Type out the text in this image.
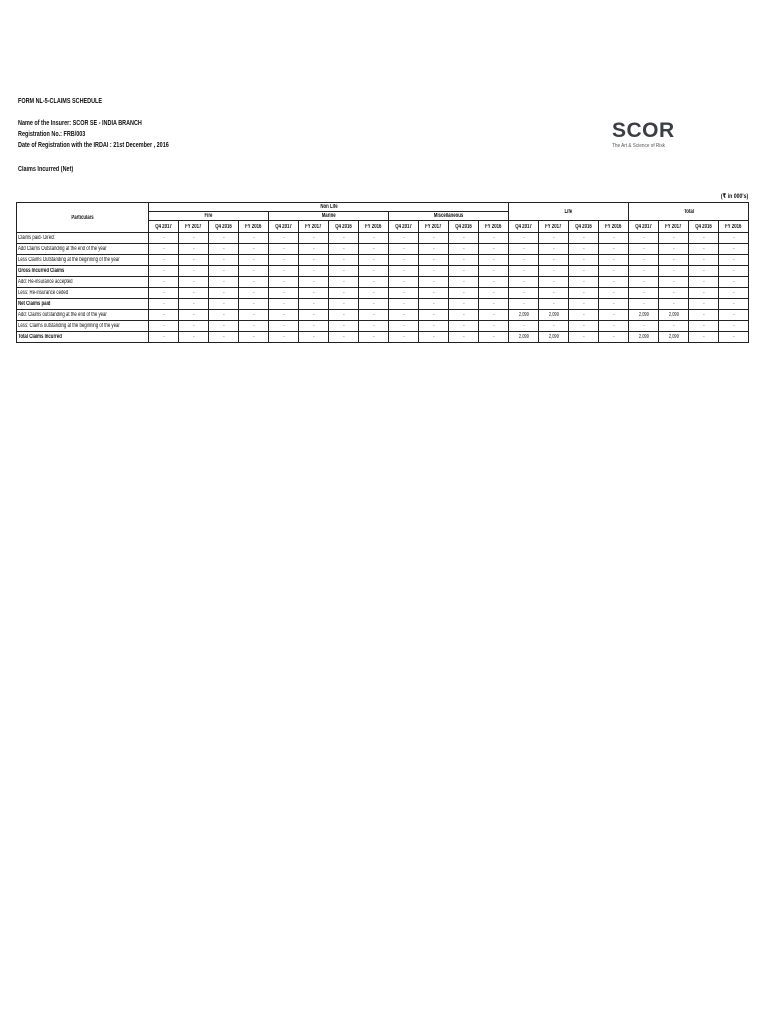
FORM NL-5-CLAIMS SCHEDULE
Name of the Insurer: SCOR SE - INDIA BRANCH
Registration No.: FRB/003
Date of Registration with the IRDAI : 21st December , 2016
Claims Incurred (Net)
SCOR
The Art & Science of Risk
(₹ in 000's)
Particulars	Non Life												Life				Total			
	Fire				Marine				Miscellaneous											
	Q4 2017	FY 2017	Q4 2016	FY 2016	Q4 2017	FY 2017	Q4 2016	FY 2016	Q4 2017	FY 2017	Q4 2016	FY 2016	Q4 2017	FY 2017	Q4 2016	FY 2016	Q4 2017	FY 2017	Q4 2016	FY 2016
Claims paid- Direct	-	-	-	-	-	-	-	-	-	-	-	-	-	-	-	-	-	-	-	-
Add Claims Outstanding at the end of the year	-	-	-	-	-	-	-	-	-	-	-	-	-	-	-	-	-	-	-	-
Less Claims Outstanding at the beginning of the year	-	-	-	-	-	-	-	-	-	-	-	-	-	-	-	-	-	-	-	-
Gross Incurred Claims	-	-	-	-	-	-	-	-	-	-	-	-	-	-	-	-	-	-	-	-
Add: Re-insurance accepted	-	-	-	-	-	-	-	-	-	-	-	-	-	-	-	-	-	-	-	-
Less: Re-insurance ceded	-	-	-	-	-	-	-	-	-	-	-	-	-	-	-	-	-	-	-	-
Net Claims paid	-	-	-	-	-	-	-	-	-	-	-	-	-	-	-	-	-	-	-	-
Add: Claims outstanding at the end of the year	-	-	-	-	-	-	-	-	-	-	-	-	2,099	2,099	-	-	2,099	2,099	-	-
Less: Claims outstanding at the beginning of the year	-	-	-	-	-	-	-	-	-	-	-	-	-	-	-	-	-	-	-	-
Total Claims Incurred	-	-	-	-	-	-	-	-	-	-	-	-	2,099	2,099	-	-	2,099	2,099	-	-
